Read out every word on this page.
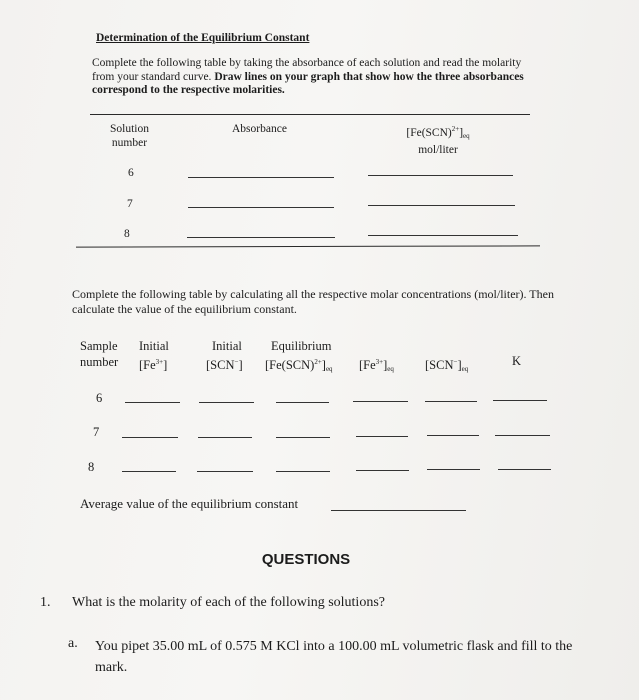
Determination of the Equilibrium Constant
Complete the following table by taking the absorbance of each solution and read the molarity from your standard curve. Draw lines on your graph that show how the three absorbances correspond to the respective molarities.
Solution
number
Absorbance	$[Fe(SCN)^{2+}]_{eq}$
mol/liter
6
7
8
Complete the following table by calculating all the respective molar concentrations (mol/liter). Then calculate the value of the equilibrium constant.
Sample
number
Initial
$[Fe^{3+}]$
Initial
[SCN−]
Equilibrium
$[Fe(SCN)^{2+}]_{eq}$ $[Fe^{3+}]_{eq}$ $[SCN^-]_{eq}$
K
6
7
8
Average value of the equilibrium constant
QUESTIONS
1. What is the molarity of each of the following solutions?
a. You pipet 35.00 mL of 0.575 M KCl into a 100.00 mL volumetric flask and fill to the mark.
